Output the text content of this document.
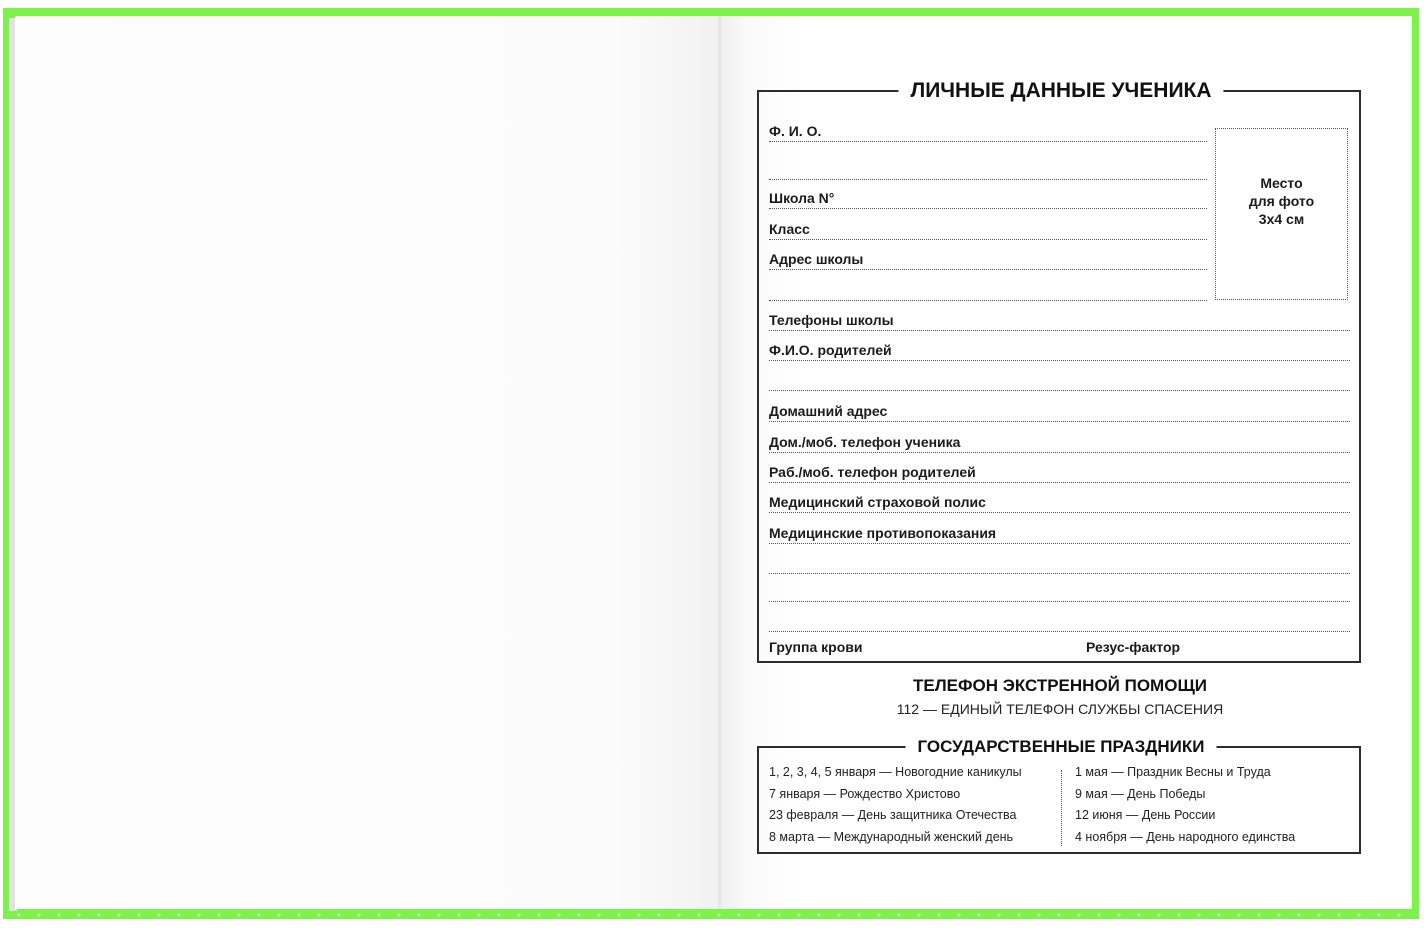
ЛИЧНЫЕ ДАННЫЕ УЧЕНИКА
Ф. И. О.
Школа N°
Класс
Адрес школы
Место
для фото
3х4 см
Телефоны школы
Ф.И.О. родителей
Домашний адрес
Дом./моб. телефон ученика
Раб./моб. телефон родителей
Медицинский страховой полис
Медицинские противопоказания
Группа крови	Резус-фактор
ТЕЛЕФОН ЭКСТРЕННОЙ ПОМОЩИ
112 — ЕДИНЫЙ ТЕЛЕФОН СЛУЖБЫ СПАСЕНИЯ
ГОСУДАРСТВЕННЫЕ ПРАЗДНИКИ
1, 2, 3, 4, 5 января — Новогодние каникулы
7 января — Рождество Христово
23 февраля — День защитника Отечества
8 марта — Международный женский день
1 мая — Праздник Весны и Труда
9 мая — День Победы
12 июня — День России
4 ноября — День народного единства
